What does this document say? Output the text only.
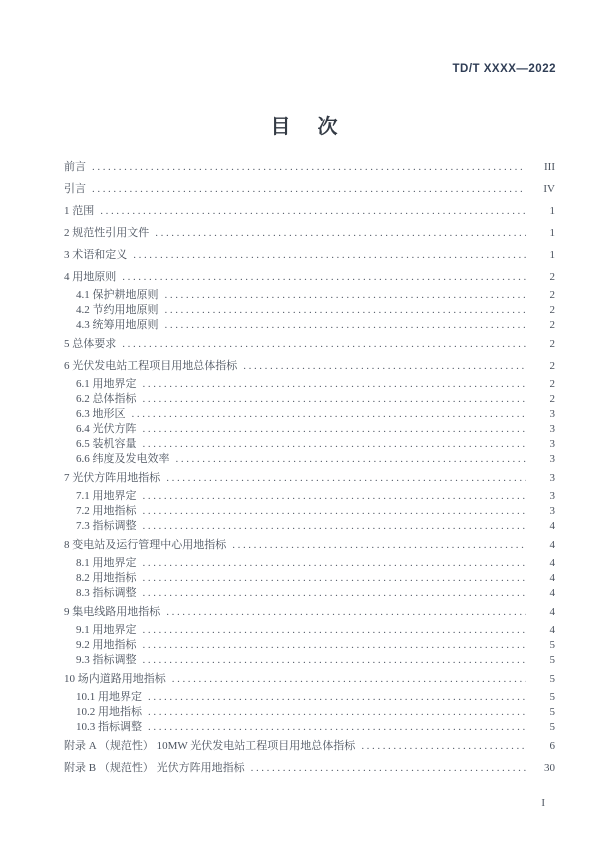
TD/T XXXX—2022
目 次
前言 .....	III
引言 .....	IV
1 范围 .....	1
2 规范性引用文件 .....	1
3 术语和定义 .....	1
4 用地原则 .....	2
4.1 保护耕地原则 .....	2
4.2 节约用地原则 .....	2
4.3 统筹用地原则 .....	2
5 总体要求 .....	2
6 光伏发电站工程项目用地总体指标 .....	2
6.1 用地界定 .....	2
6.2 总体指标 .....	2
6.3 地形区 .....	3
6.4 光伏方阵 .....	3
6.5 装机容量 .....	3
6.6 纬度及发电效率 .....	3
7 光伏方阵用地指标 .....	3
7.1 用地界定 .....	3
7.2 用地指标 .....	3
7.3 指标调整 .....	4
8 变电站及运行管理中心用地指标 .....	4
8.1 用地界定 .....	4
8.2 用地指标 .....	4
8.3 指标调整 .....	4
9 集电线路用地指标 .....	4
9.1 用地界定 .....	4
9.2 用地指标 .....	5
9.3 指标调整 .....	5
10 场内道路用地指标 .....	5
10.1 用地界定 .....	5
10.2 用地指标 .....	5
10.3 指标调整 .....	5
附录 A （规范性） 10MW 光伏发电站工程项目用地总体指标 .....	6
附录 B （规范性） 光伏方阵用地指标 .....	30
I
